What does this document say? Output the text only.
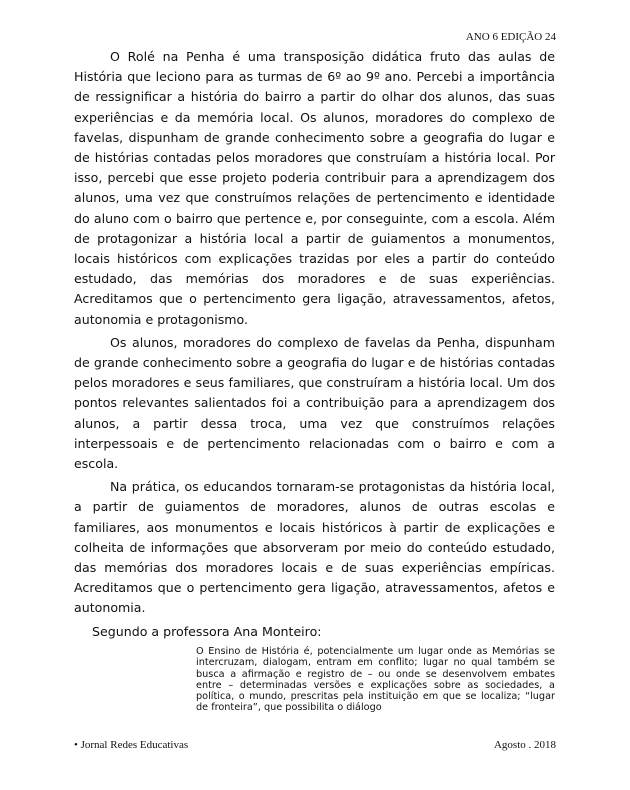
ANO 6 EDIÇÃO 24

O Rolé na Penha é uma transposição didática fruto das aulas de História que leciono para as turmas de 6º ao 9º ano. Percebi a importância de ressignificar a história do bairro a partir do olhar dos alunos, das suas experiências e da memória local. Os alunos, moradores do complexo de favelas, dispunham de grande conhecimento sobre a geografia do lugar e de histórias contadas pelos moradores que construíam a história local. Por isso, percebi que esse projeto poderia contribuir para a aprendizagem dos alunos, uma vez que construímos relações de pertencimento e identidade do aluno com o bairro que pertence e, por conseguinte, com a escola. Além de protagonizar a história local a partir de guiamentos a monumentos, locais históricos com explicações trazidas por eles a partir do conteúdo estudado, das memórias dos moradores e de suas experiências. Acreditamos que o pertencimento gera ligação, atravessamentos, afetos, autonomia e protagonismo.

Os alunos, moradores do complexo de favelas da Penha, dispunham de grande conhecimento sobre a geografia do lugar e de histórias contadas pelos moradores e seus familiares, que construíram a história local. Um dos pontos relevantes salientados foi a contribuição para a aprendizagem dos alunos, a partir dessa troca, uma vez que construímos relações interpessoais e de pertencimento relacionadas com o bairro e com a escola.

Na prática, os educandos tornaram-se protagonistas da história local, a partir de guiamentos de moradores, alunos de outras escolas e familiares, aos monumentos e locais históricos à partir de explicações e colheita de informações que absorveram por meio do conteúdo estudado, das memórias dos moradores locais e de suas experiências empíricas. Acreditamos que o pertencimento gera ligação, atravessamentos, afetos e autonomia.

Segundo a professora Ana Monteiro:

O Ensino de História é, potencialmente um lugar onde as Memórias se intercruzam, dialogam, entram em conflito; lugar no qual também se busca a afirmação e registro de – ou onde se desenvolvem embates entre – determinadas versões e explicações sobre as sociedades, a política, o mundo, prescritas pela instituição em que se localiza; “lugar de fronteira”, que possibilita o diálogo
• Jornal Redes Educativas	Agosto . 2018
